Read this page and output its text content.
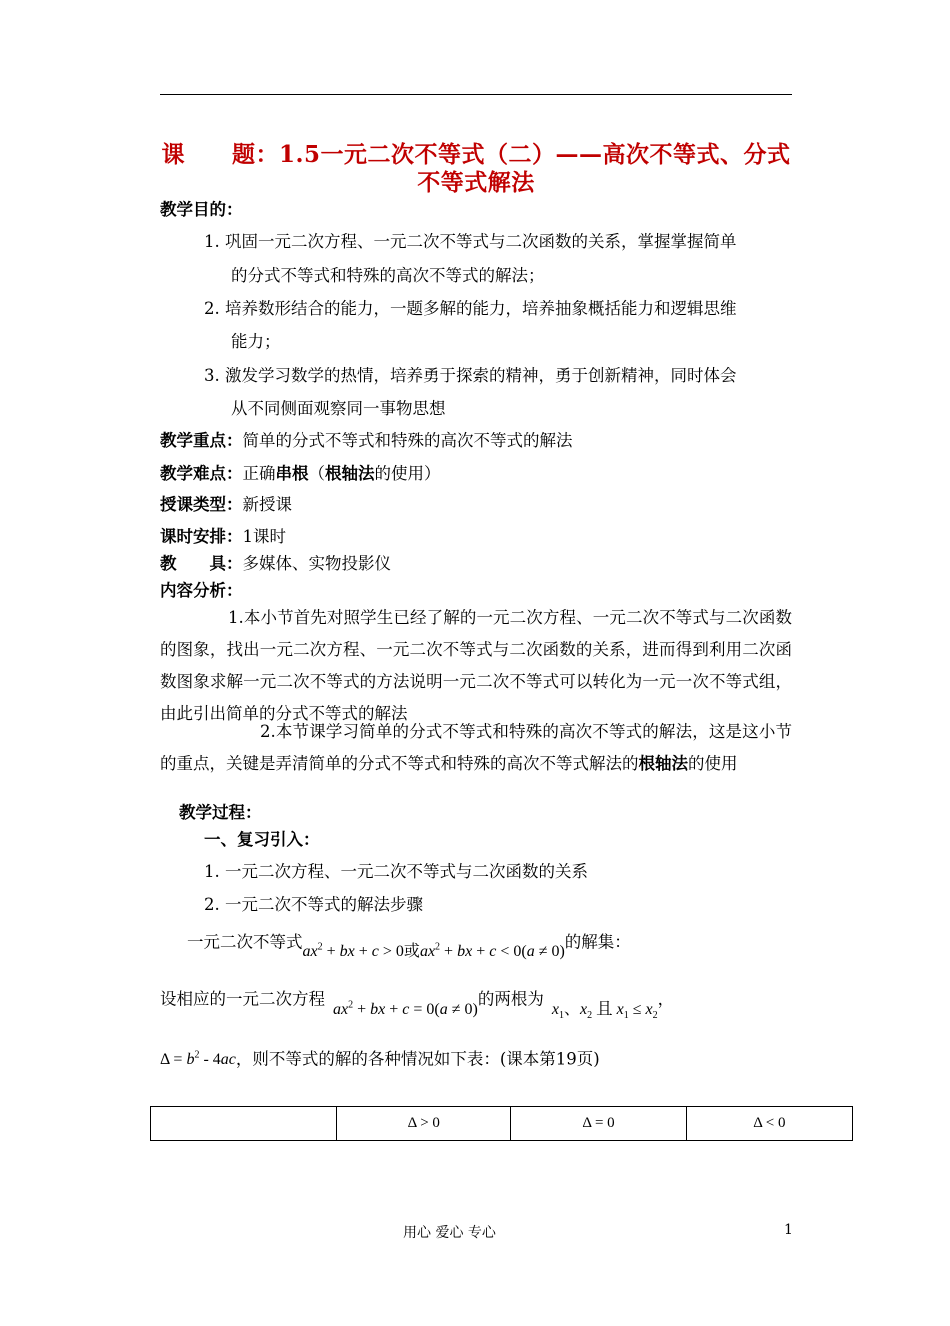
课　　题：1.5一元二次不等式（二）——高次不等式、分式
不等式解法
教学目的：
1. 巩固一元二次方程、一元二次不等式与二次函数的关系，掌握掌握简单
的分式不等式和特殊的高次不等式的解法；
2. 培养数形结合的能力，一题多解的能力，培养抽象概括能力和逻辑思维
能力；
3. 激发学习数学的热情，培养勇于探索的精神，勇于创新精神，同时体会
从不同侧面观察同一事物思想
教学重点：简单的分式不等式和特殊的高次不等式的解法
教学难点：正确串根（根轴法的使用）
授课类型：新授课
课时安排：1课时
教　　具：多媒体、实物投影仪
内容分析：
1.本小节首先对照学生已经了解的一元二次方程、一元二次不等式与二次函数的图象，找出一元二次方程、一元二次不等式与二次函数的关系，进而得到利用二次函数图象求解一元二次不等式的方法说明一元二次不等式可以转化为一元一次不等式组，由此引出简单的分式不等式的解法
2.本节课学习简单的分式不等式和特殊的高次不等式的解法，这是这小节的重点，关键是弄清简单的分式不等式和特殊的高次不等式解法的根轴法的使用
教学过程：
一、复习引入：
1. 一元二次方程、一元二次不等式与二次函数的关系
2. 一元二次不等式的解法步骤
一元二次不等式$ax^2$ + bx + c > 0或$ax^2$ + bx + c < 0(a ≠ 0)的解集：
设相应的一元二次方程$ax^2$ + bx + c = 0(a ≠ 0)的两根为$x_1$、$x_2$ 且 $x_1 \le x_2$，
$\Delta = b^2 - 4ac$，则不等式的解的各种情况如下表：(课本第19页)
	Δ > 0	Δ = 0	Δ < 0
用心 爱心 专心	1
